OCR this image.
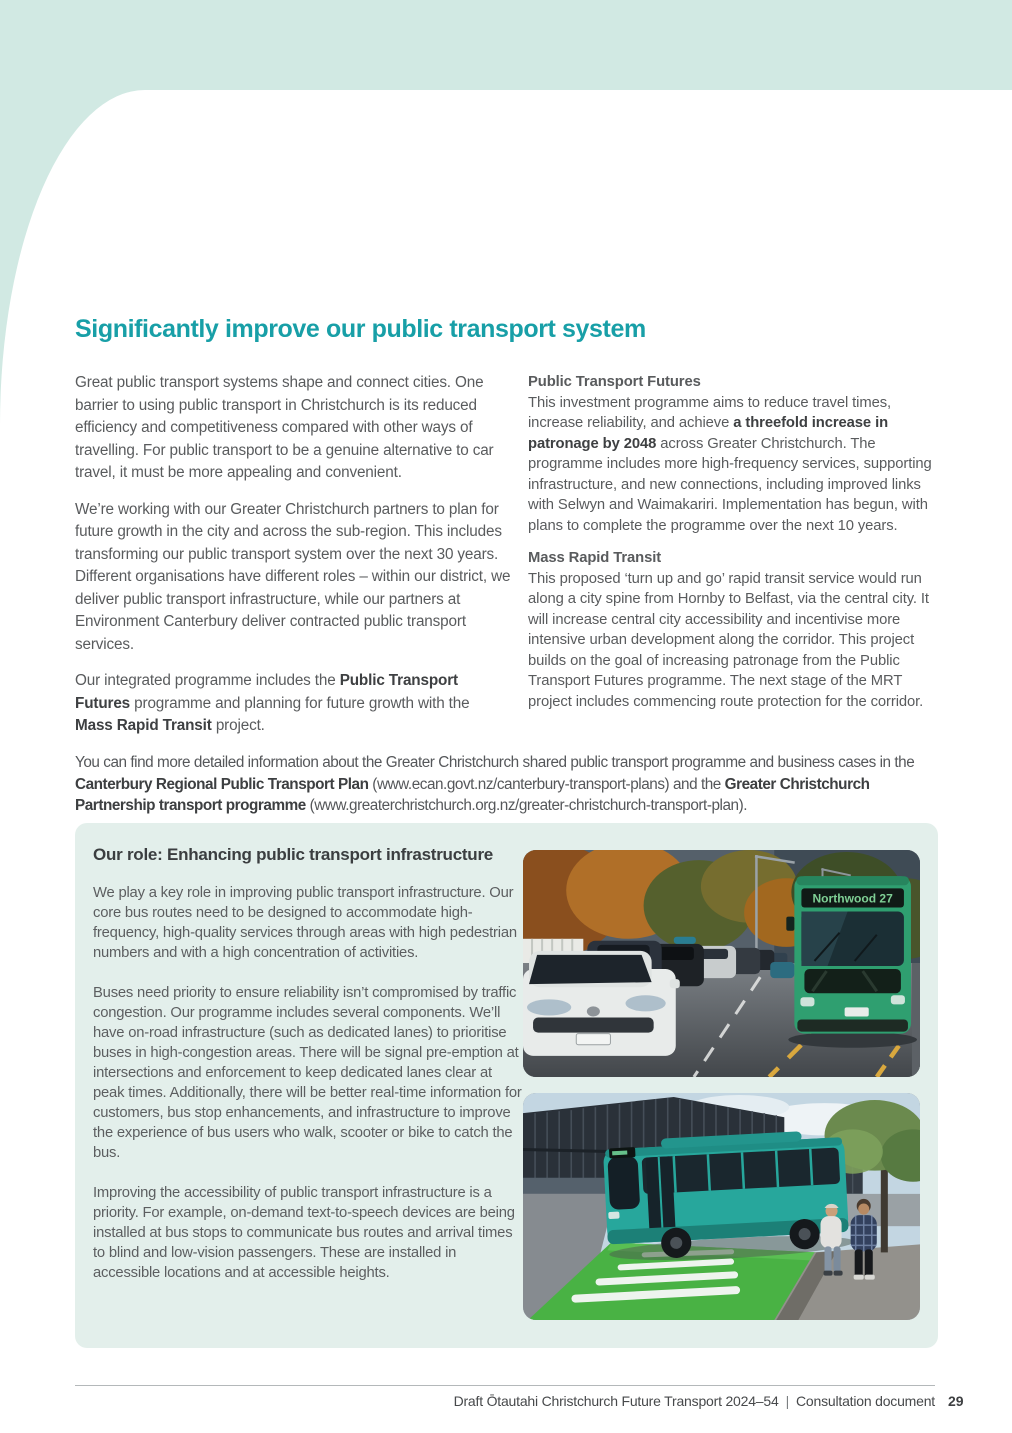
Significantly improve our public transport system

Great public transport systems shape and connect cities. One barrier to using public transport in Christchurch is its reduced efficiency and competitiveness compared with other ways of travelling. For public transport to be a genuine alternative to car travel, it must be more appealing and convenient.

We’re working with our Greater Christchurch partners to plan for future growth in the city and across the sub-region. This includes transforming our public transport system over the next 30 years. Different organisations have different roles – within our district, we deliver public transport infrastructure, while our partners at Environment Canterbury deliver contracted public transport services.

Our integrated programme includes the Public Transport Futures programme and planning for future growth with the Mass Rapid Transit project.

Public Transport Futures

This investment programme aims to reduce travel times, increase reliability, and achieve a threefold increase in patronage by 2048 across Greater Christchurch. The programme includes more high-frequency services, supporting infrastructure, and new connections, including improved links with Selwyn and Waimakariri. Implementation has begun, with plans to complete the programme over the next 10 years.

Mass Rapid Transit

This proposed ‘turn up and go’ rapid transit service would run along a city spine from Hornby to Belfast, via the central city. It will increase central city accessibility and incentivise more intensive urban development along the corridor. This project builds on the goal of increasing patronage from the Public Transport Futures programme. The next stage of the MRT project includes commencing route protection for the corridor.

You can find more detailed information about the Greater Christchurch shared public transport programme and business cases in the Canterbury Regional Public Transport Plan (www.ecan.govt.nz/canterbury-transport-plans) and the Greater Christchurch Partnership transport programme (www.greaterchristchurch.org.nz/greater-christchurch-transport-plan).

Our role: Enhancing public transport infrastructure

We play a key role in improving public transport infrastructure. Our core bus routes need to be designed to accommodate high-frequency, high-quality services through areas with high pedestrian numbers and with a high concentration of activities.

Buses need priority to ensure reliability isn’t compromised by traffic congestion. Our programme includes several components. We’ll have on-road infrastructure (such as dedicated lanes) to prioritise buses in high-congestion areas. There will be signal pre-emption at intersections and enforcement to keep dedicated lanes clear at peak times. Additionally, there will be better real-time information for customers, bus stop enhancements, and infrastructure to improve the experience of bus users who walk, scooter or bike to catch the bus.

Improving the accessibility of public transport infrastructure is a priority. For example, on-demand text-to-speech devices are being installed at bus stops to communicate bus routes and arrival times to blind and low-vision passengers. These are installed in accessible locations and at accessible heights.

Northwood 27
Draft Ōtautahi Christchurch Future Transport 2024–54 | Consultation document 29
